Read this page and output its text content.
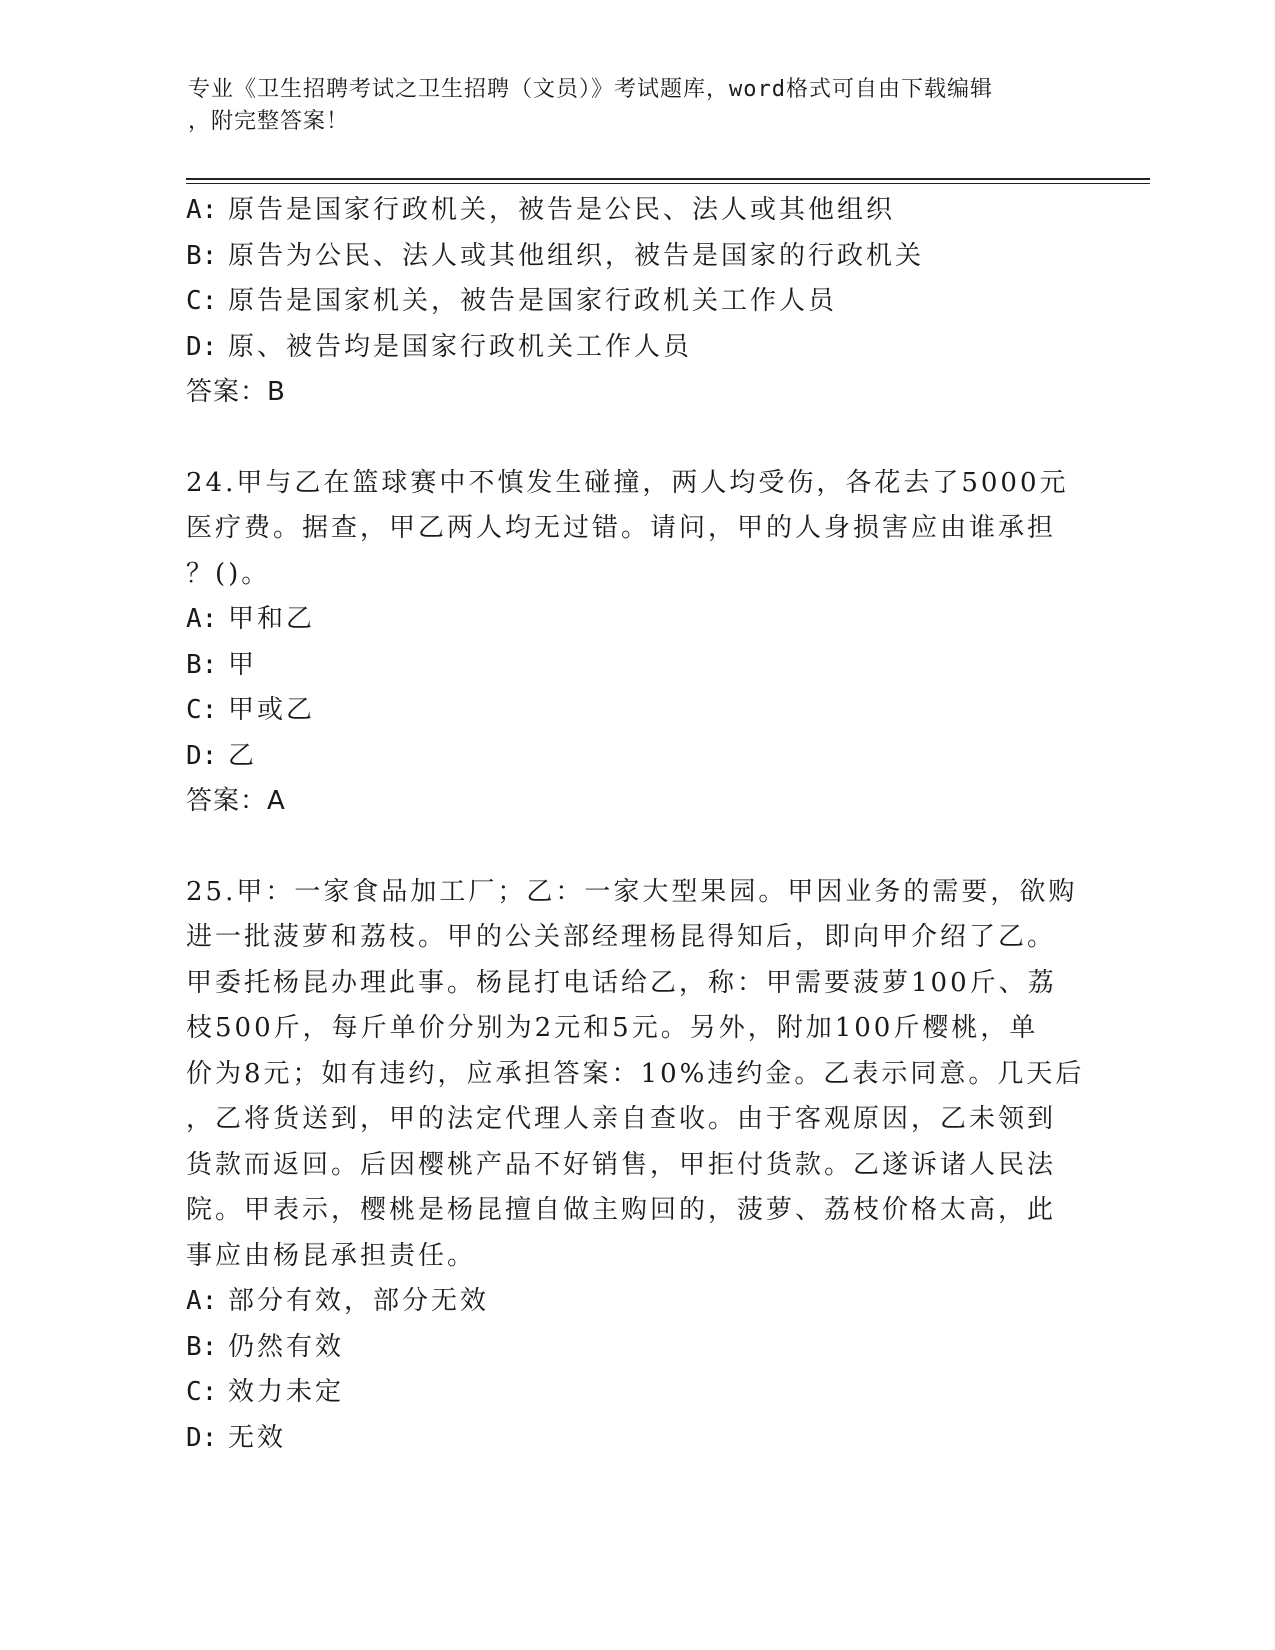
专业《卫生招聘考试之卫生招聘（文员）》考试题库，word格式可自由下载编辑
，附完整答案！
A: 原告是国家行政机关，被告是公民、法人或其他组织
B: 原告为公民、法人或其他组织，被告是国家的行政机关
C: 原告是国家机关，被告是国家行政机关工作人员
D: 原、被告均是国家行政机关工作人员
答案：B
24.甲与乙在篮球赛中不慎发生碰撞，两人均受伤，各花去了5000元
医疗费。据查，甲乙两人均无过错。请问，甲的人身损害应由谁承担
？()。
A: 甲和乙
B: 甲
C: 甲或乙
D: 乙
答案：A
25.甲：一家食品加工厂；乙：一家大型果园。甲因业务的需要，欲购
进一批菠萝和荔枝。甲的公关部经理杨昆得知后，即向甲介绍了乙。
甲委托杨昆办理此事。杨昆打电话给乙，称：甲需要菠萝100斤、荔
枝500斤，每斤单价分别为2元和5元。另外，附加100斤樱桃，单
价为8元；如有违约，应承担答案：10%违约金。乙表示同意。几天后
，乙将货送到，甲的法定代理人亲自查收。由于客观原因，乙未领到
货款而返回。后因樱桃产品不好销售，甲拒付货款。乙遂诉诸人民法
院。甲表示，樱桃是杨昆擅自做主购回的，菠萝、荔枝价格太高，此
事应由杨昆承担责任。
A: 部分有效，部分无效
B: 仍然有效
C: 效力未定
D: 无效
